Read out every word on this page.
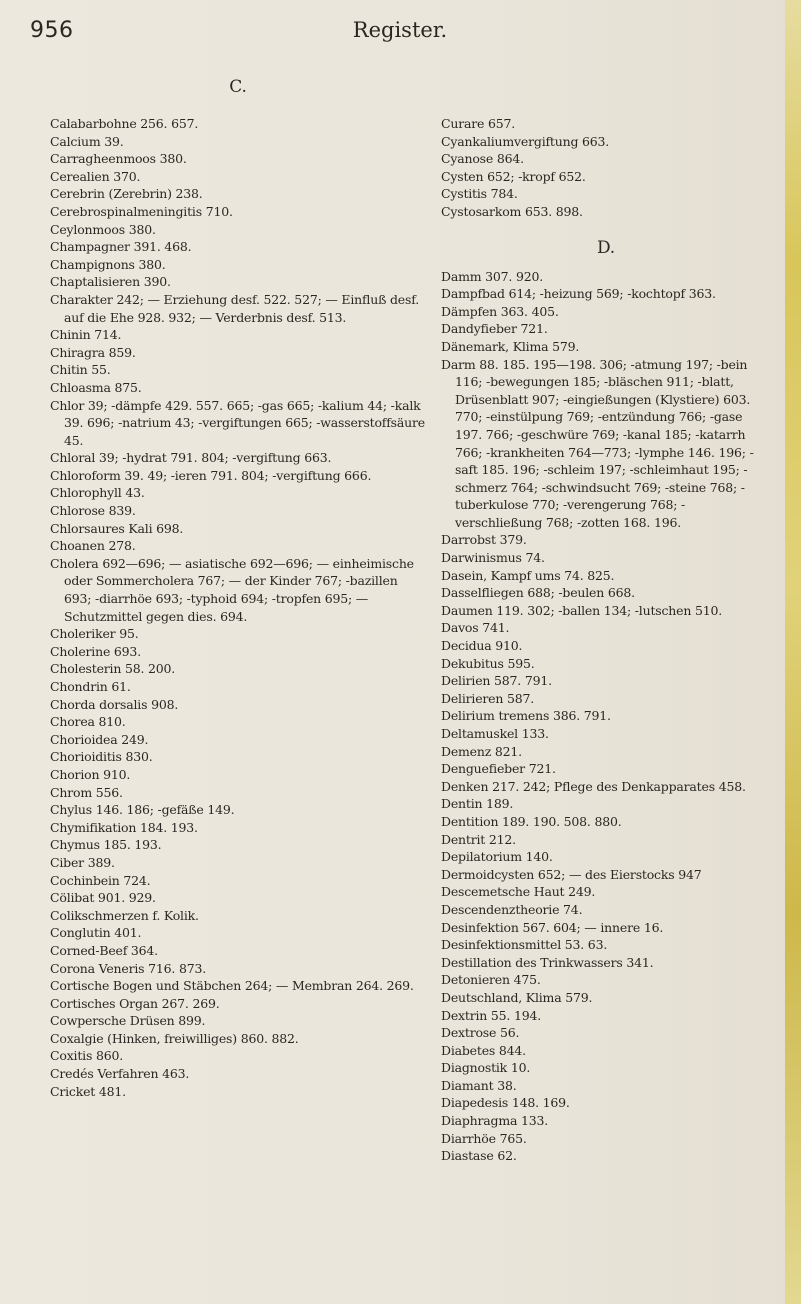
956	Register.
C.

Calabarbohne 256. 657.

Calcium 39.

Carragheenmoos 380.

Cerealien 370.

Cerebrin (Zerebrin) 238.

Cerebrospinalmeningitis 710.

Ceylonmoos 380.

Champagner 391. 468.

Champignons 380.

Chaptalisieren 390.

Charakter 242; — Erziehung desf. 522. 527; — Einfluß desf. auf die Ehe 928. 932; — Verderbnis desf. 513.

Chinin 714.

Chiragra 859.

Chitin 55.

Chloasma 875.

Chlor 39; -dämpfe 429. 557. 665; -gas 665; -kalium 44; -kalk 39. 696; -natrium 43; -vergiftungen 665; -wasserstoffsäure 45.

Chloral 39; -hydrat 791. 804; -vergiftung 663.

Chloroform 39. 49; -ieren 791. 804; -vergiftung 666.

Chlorophyll 43.

Chlorose 839.

Chlorsaures Kali 698.

Choanen 278.

Cholera 692—696; — asiatische 692—696; — einheimische oder Sommercholera 767; — der Kinder 767; -bazillen 693; -diarrhöe 693; -typhoid 694; -tropfen 695; — Schutzmittel gegen dies. 694.

Choleriker 95.

Cholerine 693.

Cholesterin 58. 200.

Chondrin 61.

Chorda dorsalis 908.

Chorea 810.

Chorioidea 249.

Chorioiditis 830.

Chorion 910.

Chrom 556.

Chylus 146. 186; -gefäße 149.

Chymifikation 184. 193.

Chymus 185. 193.

Ciber 389.

Cochinbein 724.

Cölibat 901. 929.

Colikschmerzen f. Kolik.

Conglutin 401.

Corned-Beef 364.

Corona Veneris 716. 873.

Cortische Bogen und Stäbchen 264; — Membran 264. 269.

Cortisches Organ 267. 269.

Cowpersche Drüsen 899.

Coxalgie (Hinken, freiwilliges) 860. 882.

Coxitis 860.

Credés Verfahren 463.

Cricket 481.

Curare 657.

Cyankaliumvergiftung 663.

Cyanose 864.

Cysten 652; -kropf 652.

Cystitis 784.

Cystosarkom 653. 898.

D.

Damm 307. 920.

Dampfbad 614; -heizung 569; -kochtopf 363.

Dämpfen 363. 405.

Dandyfieber 721.

Dänemark, Klima 579.

Darm 88. 185. 195—198. 306; -atmung 197; -bein 116; -bewegungen 185; -bläschen 911; -blatt, Drüsenblatt 907; -eingießungen (Klystiere) 603. 770; -einstülpung 769; -entzündung 766; -gase 197. 766; -geschwüre 769; -kanal 185; -katarrh 766; -krankheiten 764—773; -lymphe 146. 196; -saft 185. 196; -schleim 197; -schleimhaut 195; -schmerz 764; -schwindsucht 769; -steine 768; -tuberkulose 770; -verengerung 768; -verschließung 768; -zotten 168. 196.

Darrobst 379.

Darwinismus 74.

Dasein, Kampf ums 74. 825.

Dasselfliegen 688; -beulen 668.

Daumen 119. 302; -ballen 134; -lutschen 510.

Davos 741.

Decidua 910.

Dekubitus 595.

Delirien 587. 791.

Delirieren 587.

Delirium tremens 386. 791.

Deltamuskel 133.

Demenz 821.

Denguefieber 721.

Denken 217. 242; Pflege des Denkapparates 458.

Dentin 189.

Dentition 189. 190. 508. 880.

Dentrit 212.

Depilatorium 140.

Dermoidcysten 652; — des Eierstocks 947

Descemetsche Haut 249.

Descendenztheorie 74.

Desinfektion 567. 604; — innere 16.

Desinfektionsmittel 53. 63.

Destillation des Trinkwassers 341.

Detonieren 475.

Deutschland, Klima 579.

Dextrin 55. 194.

Dextrose 56.

Diabetes 844.

Diagnostik 10.

Diamant 38.

Diapedesis 148. 169.

Diaphragma 133.

Diarrhöe 765.

Diastase 62.
